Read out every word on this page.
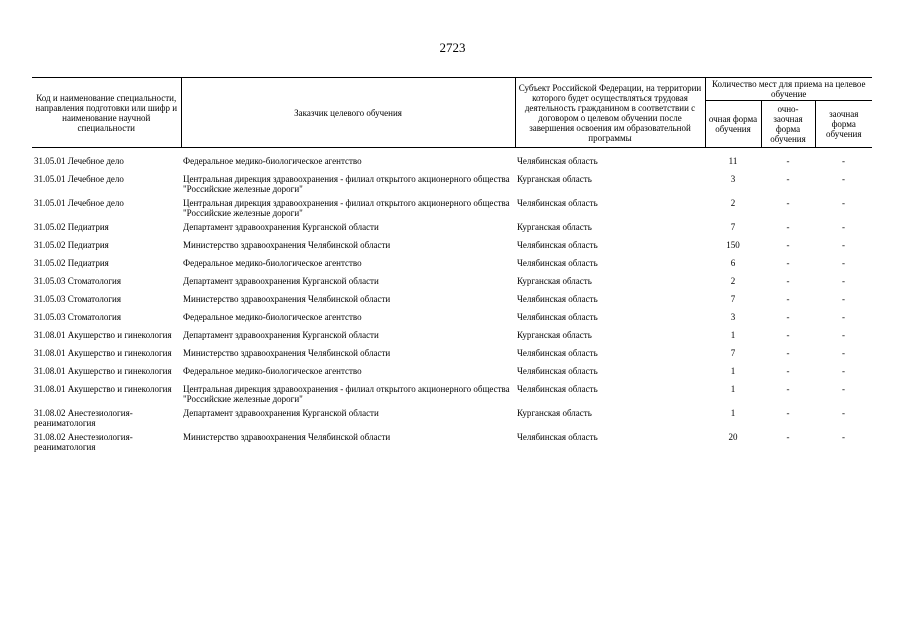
2723
Код и наименование специальности, направления подготовки или шифр и наименование научной специальности	Заказчик целевого обучения	Субъект Российской Федерации, на территории которого будет осуществляться трудовая деятельность гражданином в соответствии с договором о целевом обучении после завершения освоения им образовательной программы	Количество мест для приема на целевое обучение		
			очная форма обучения	очно-заочная форма обучения	заочная форма обучения

31.05.01 Лечебное дело	Федеральное медико-биологическое агентство	Челябинская область	11	-	-
31.05.01 Лечебное дело	Центральная дирекция здравоохранения - филиал открытого акционерного общества "Российские железные дороги"	Курганская область	3	-	-
31.05.01 Лечебное дело	Центральная дирекция здравоохранения - филиал открытого акционерного общества "Российские железные дороги"	Челябинская область	2	-	-
31.05.02 Педиатрия	Департамент здравоохранения Курганской области	Курганская область	7	-	-
31.05.02 Педиатрия	Министерство здравоохранения Челябинской области	Челябинская область	150	-	-
31.05.02 Педиатрия	Федеральное медико-биологическое агентство	Челябинская область	6	-	-
31.05.03 Стоматология	Департамент здравоохранения Курганской области	Курганская область	2	-	-
31.05.03 Стоматология	Министерство здравоохранения Челябинской области	Челябинская область	7	-	-
31.05.03 Стоматология	Федеральное медико-биологическое агентство	Челябинская область	3	-	-
31.08.01 Акушерство и гинекология	Департамент здравоохранения Курганской области	Курганская область	1	-	-
31.08.01 Акушерство и гинекология	Министерство здравоохранения Челябинской области	Челябинская область	7	-	-
31.08.01 Акушерство и гинекология	Федеральное медико-биологическое агентство	Челябинская область	1	-	-
31.08.01 Акушерство и гинекология	Центральная дирекция здравоохранения - филиал открытого акционерного общества "Российские железные дороги"	Челябинская область	1	-	-
31.08.02 Анестезиология-реаниматология	Департамент здравоохранения Курганской области	Курганская область	1	-	-
31.08.02 Анестезиология-реаниматология	Министерство здравоохранения Челябинской области	Челябинская область	20	-	-
